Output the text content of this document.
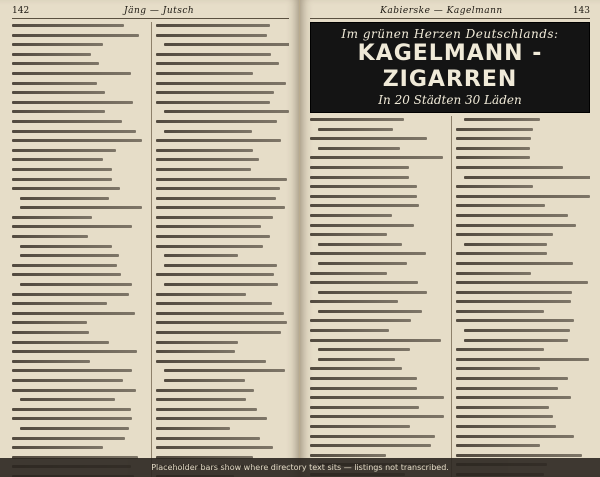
142	Jäng — Jutsch	Kabierske — Kagelmann	143
Im grünen Herzen Deutschlands:
KAGELMANN - ZIGARREN
In 20 Städten 30 Läden
Placeholder bars show where directory text sits — listings not transcribed.
